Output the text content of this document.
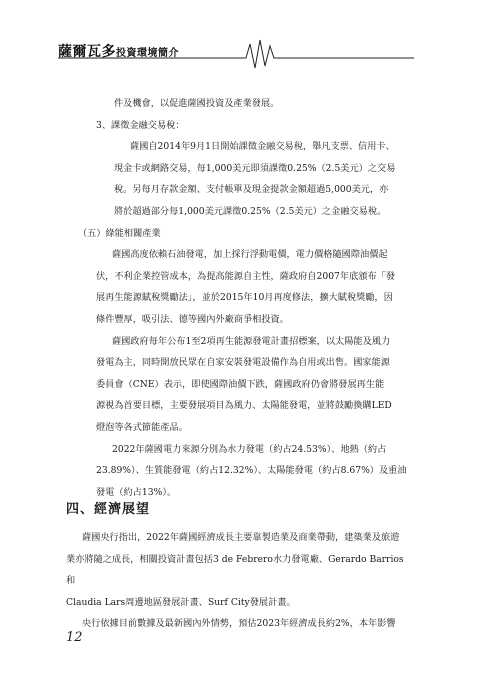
薩爾瓦多投資環境簡介

件及機會，以促進薩國投資及產業發展。

3、課徵金融交易稅：

薩國自2014年9月1日開始課徵金融交易稅，舉凡支票、信用卡、

現金卡或網路交易，每1,000美元即須課徵0.25%（2.5美元）之交易

稅。另每月存款金額、支付帳單及現金提款金額超過5,000美元，亦

將於超過部分每1,000美元課徵0.25%（2.5美元）之金融交易稅。

（五）綠能相關產業

薩國高度依賴石油發電，加上採行浮動電價，電力價格隨國際油價起

伏，不利企業控管成本，為提高能源自主性，薩政府自2007年底頒布「發

展再生能源賦稅獎勵法」，並於2015年10月再度修法，擴大賦稅獎勵，因

條件豐厚，吸引法、德等國內外廠商爭相投資。

薩國政府每年公布1至2項再生能源發電計畫招標案，以太陽能及風力

發電為主，同時開放民眾在自家安裝發電設備作為自用或出售。國家能源

委員會（CNE）表示，即使國際油價下跌，薩國政府仍會將發展再生能

源視為首要目標，主要發展項目為風力、太陽能發電，並將鼓勵換購LED

燈泡等各式節能產品。

2022年薩國電力來源分別為水力發電（約占24.53%）、地熱（約占

23.89%）、生質能發電（約占12.32%）、太陽能發電（約占8.67%）及重油

發電（約占13%）。

四、經濟展望

薩國央行指出，2022年薩國經濟成長主要靠製造業及商業帶動，建築業及旅遊

業亦將隨之成長，相關投資計畫包括3 de Febrero水力發電廠、Gerardo Barrios和

Claudia Lars周邊地區發展計畫、Surf City發展計畫。

央行依據目前數據及最新國內外情勢，預估2023年經濟成長約2%，本年影響

12
